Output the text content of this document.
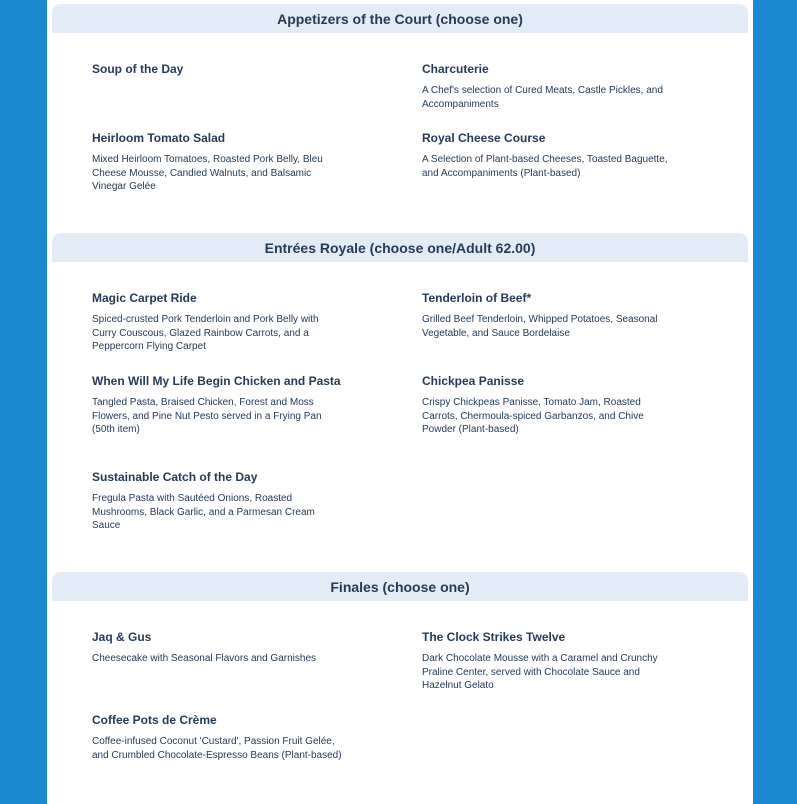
Appetizers of the Court (choose one)
Soup of the Day	Charcuterie
A Chef's selection of Cured Meats, Castle Pickles, and Accompaniments
Heirloom Tomato Salad
Mixed Heirloom Tomatoes, Roasted Pork Belly, Bleu Cheese Mousse, Candied Walnuts, and Balsamic Vinegar Gelée
Royal Cheese Course
A Selection of Plant-based Cheeses, Toasted Baguette, and Accompaniments (Plant-based)
Entrées Royale (choose one/Adult 62.00)
Magic Carpet Ride
Spiced-crusted Pork Tenderloin and Pork Belly with Curry Couscous, Glazed Rainbow Carrots, and a Peppercorn Flying Carpet
Tenderloin of Beef*
Grilled Beef Tenderloin, Whipped Potatoes, Seasonal Vegetable, and Sauce Bordelaise
When Will My Life Begin Chicken and Pasta
Tangled Pasta, Braised Chicken, Forest and Moss Flowers, and Pine Nut Pesto served in a Frying Pan (50th item)
Chickpea Panisse
Crispy Chickpeas Panisse, Tomato Jam, Roasted Carrots, Chermoula-spiced Garbanzos, and Chive Powder (Plant-based)
Sustainable Catch of the Day
Fregula Pasta with Sautéed Onions, Roasted Mushrooms, Black Garlic, and a Parmesan Cream Sauce
Finales (choose one)
Jaq & Gus
Cheesecake with Seasonal Flavors and Garnishes
The Clock Strikes Twelve
Dark Chocolate Mousse with a Caramel and Crunchy Praline Center, served with Chocolate Sauce and Hazelnut Gelato
Coffee Pots de Crème
Coffee-infused Coconut 'Custard', Passion Fruit Gelée, and Crumbled Chocolate-Espresso Beans (Plant-based)
